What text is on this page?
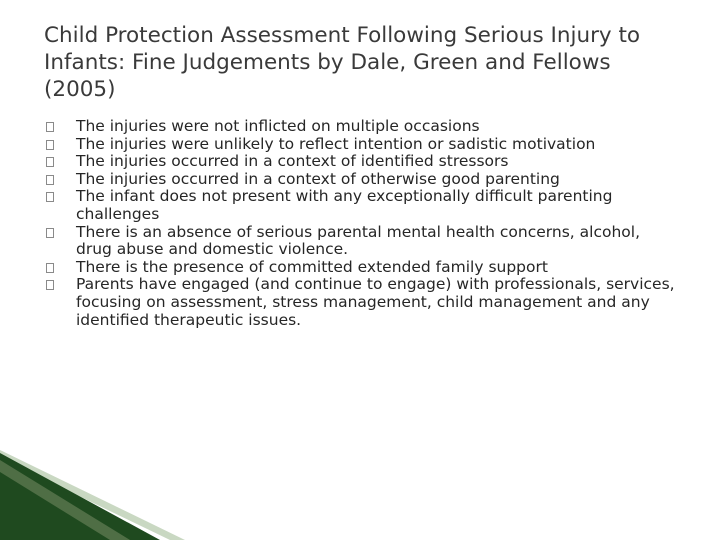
Child Protection Assessment Following Serious Injury to Infants: Fine Judgements by Dale, Green and Fellows (2005)
The injuries were not inflicted on multiple occasions
The injuries were unlikely to reflect intention or sadistic motivation
The injuries occurred in a context of identified stressors
The injuries occurred in a context of otherwise good parenting
The infant does not present with any exceptionally difficult parenting challenges
There is an absence of serious parental mental health concerns, alcohol, drug abuse and domestic violence.
There is the presence of committed extended family support
Parents have engaged (and continue to engage) with professionals, services, focusing on assessment, stress management, child management and any identified therapeutic issues.
